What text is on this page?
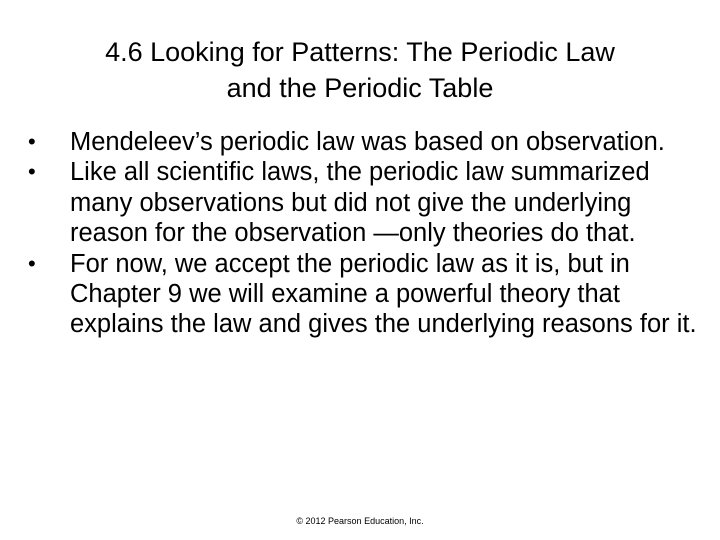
4.6 Looking for Patterns: The Periodic Law
and the Periodic Table
• Mendeleev’s periodic law was based on observation.
• Like all scientific laws, the periodic law summarized many observations but did not give the underlying reason for the observation —only theories do that.
• For now, we accept the periodic law as it is, but in Chapter 9 we will examine a powerful theory that explains the law and gives the underlying reasons for it.
© 2012 Pearson Education, Inc.
